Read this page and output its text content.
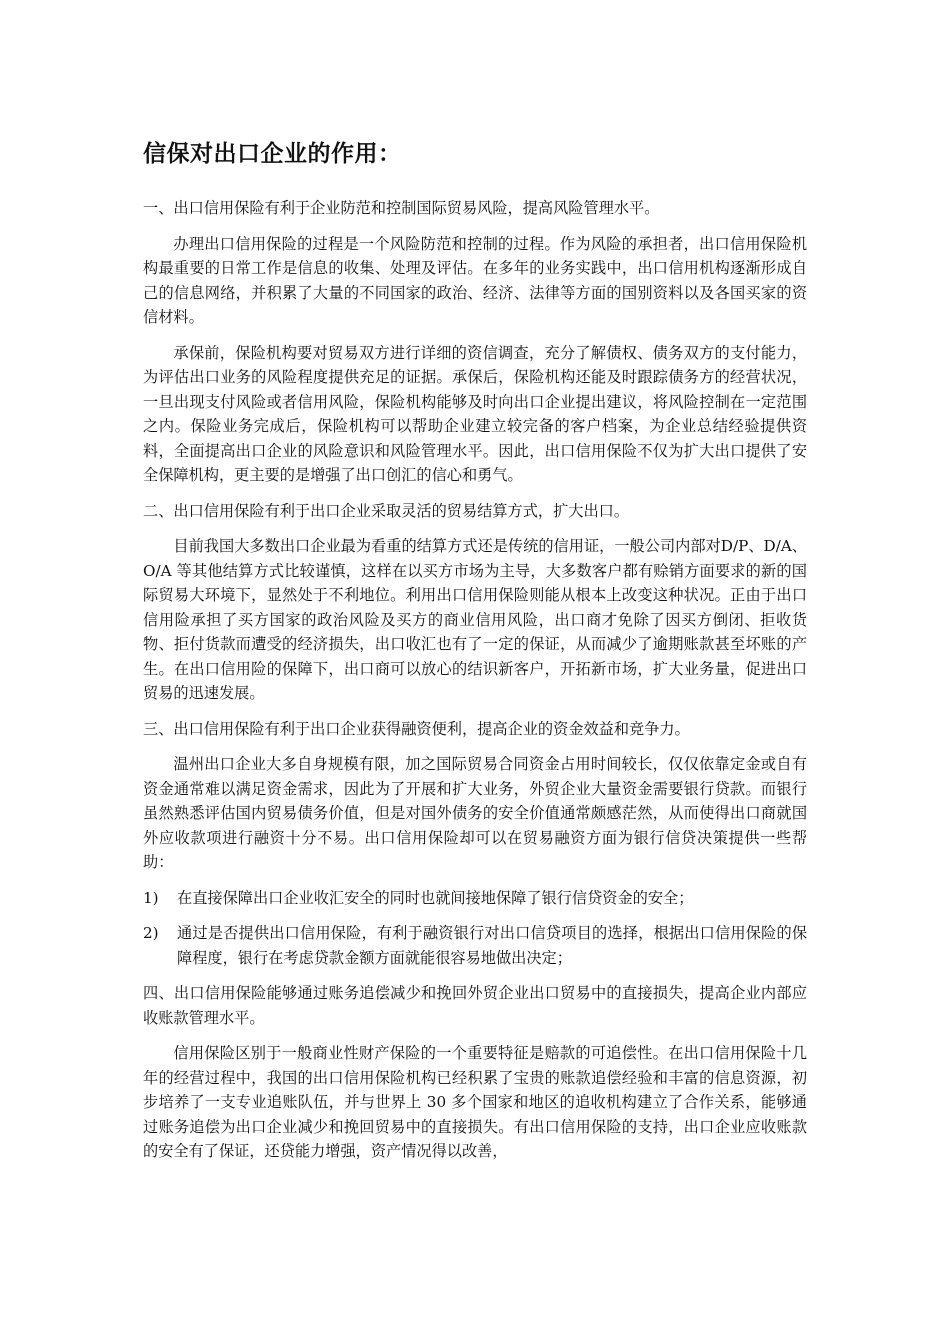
信保对出口企业的作用：

一、出口信用保险有利于企业防范和控制国际贸易风险，提高风险管理水平。

办理出口信用保险的过程是一个风险防范和控制的过程。作为风险的承担者，出口信用保险机构最重要的日常工作是信息的收集、处理及评估。在多年的业务实践中，出口信用机构逐渐形成自己的信息网络，并积累了大量的不同国家的政治、经济、法律等方面的国别资料以及各国买家的资信材料。

承保前，保险机构要对贸易双方进行详细的资信调查，充分了解债权、债务双方的支付能力，为评估出口业务的风险程度提供充足的证据。承保后，保险机构还能及时跟踪债务方的经营状况，一旦出现支付风险或者信用风险，保险机构能够及时向出口企业提出建议，将风险控制在一定范围之内。保险业务完成后，保险机构可以帮助企业建立较完备的客户档案，为企业总结经验提供资料，全面提高出口企业的风险意识和风险管理水平。因此，出口信用保险不仅为扩大出口提供了安全保障机构，更主要的是增强了出口创汇的信心和勇气。

二、出口信用保险有利于出口企业采取灵活的贸易结算方式，扩大出口。

目前我国大多数出口企业最为看重的结算方式还是传统的信用证，一般公司内部对D/P、D/A、O/A 等其他结算方式比较谨慎，这样在以买方市场为主导，大多数客户都有赊销方面要求的新的国际贸易大环境下，显然处于不利地位。利用出口信用保险则能从根本上改变这种状况。正由于出口信用险承担了买方国家的政治风险及买方的商业信用风险，出口商才免除了因买方倒闭、拒收货物、拒付货款而遭受的经济损失，出口收汇也有了一定的保证，从而减少了逾期账款甚至坏账的产生。在出口信用险的保障下，出口商可以放心的结识新客户，开拓新市场，扩大业务量，促进出口贸易的迅速发展。

三、出口信用保险有利于出口企业获得融资便利，提高企业的资金效益和竞争力。

温州出口企业大多自身规模有限，加之国际贸易合同资金占用时间较长，仅仅依靠定金或自有资金通常难以满足资金需求，因此为了开展和扩大业务，外贸企业大量资金需要银行贷款。而银行虽然熟悉评估国内贸易债务价值，但是对国外债务的安全价值通常颇感茫然，从而使得出口商就国外应收款项进行融资十分不易。出口信用保险却可以在贸易融资方面为银行信贷决策提供一些帮助：

1)	在直接保障出口企业收汇安全的同时也就间接地保障了银行信贷资金的安全；
2)	通过是否提供出口信用保险，有利于融资银行对出口信贷项目的选择，根据出口信用保险的保障程度，银行在考虑贷款金额方面就能很容易地做出决定；

四、出口信用保险能够通过账务追偿减少和挽回外贸企业出口贸易中的直接损失，提高企业内部应收账款管理水平。

信用保险区别于一般商业性财产保险的一个重要特征是赔款的可追偿性。在出口信用保险十几年的经营过程中，我国的出口信用保险机构已经积累了宝贵的账款追偿经验和丰富的信息资源，初步培养了一支专业追账队伍，并与世界上 30 多个国家和地区的追收机构建立了合作关系，能够通过账务追偿为出口企业减少和挽回贸易中的直接损失。有出口信用保险的支持，出口企业应收账款的安全有了保证，还贷能力增强，资产情况得以改善，
